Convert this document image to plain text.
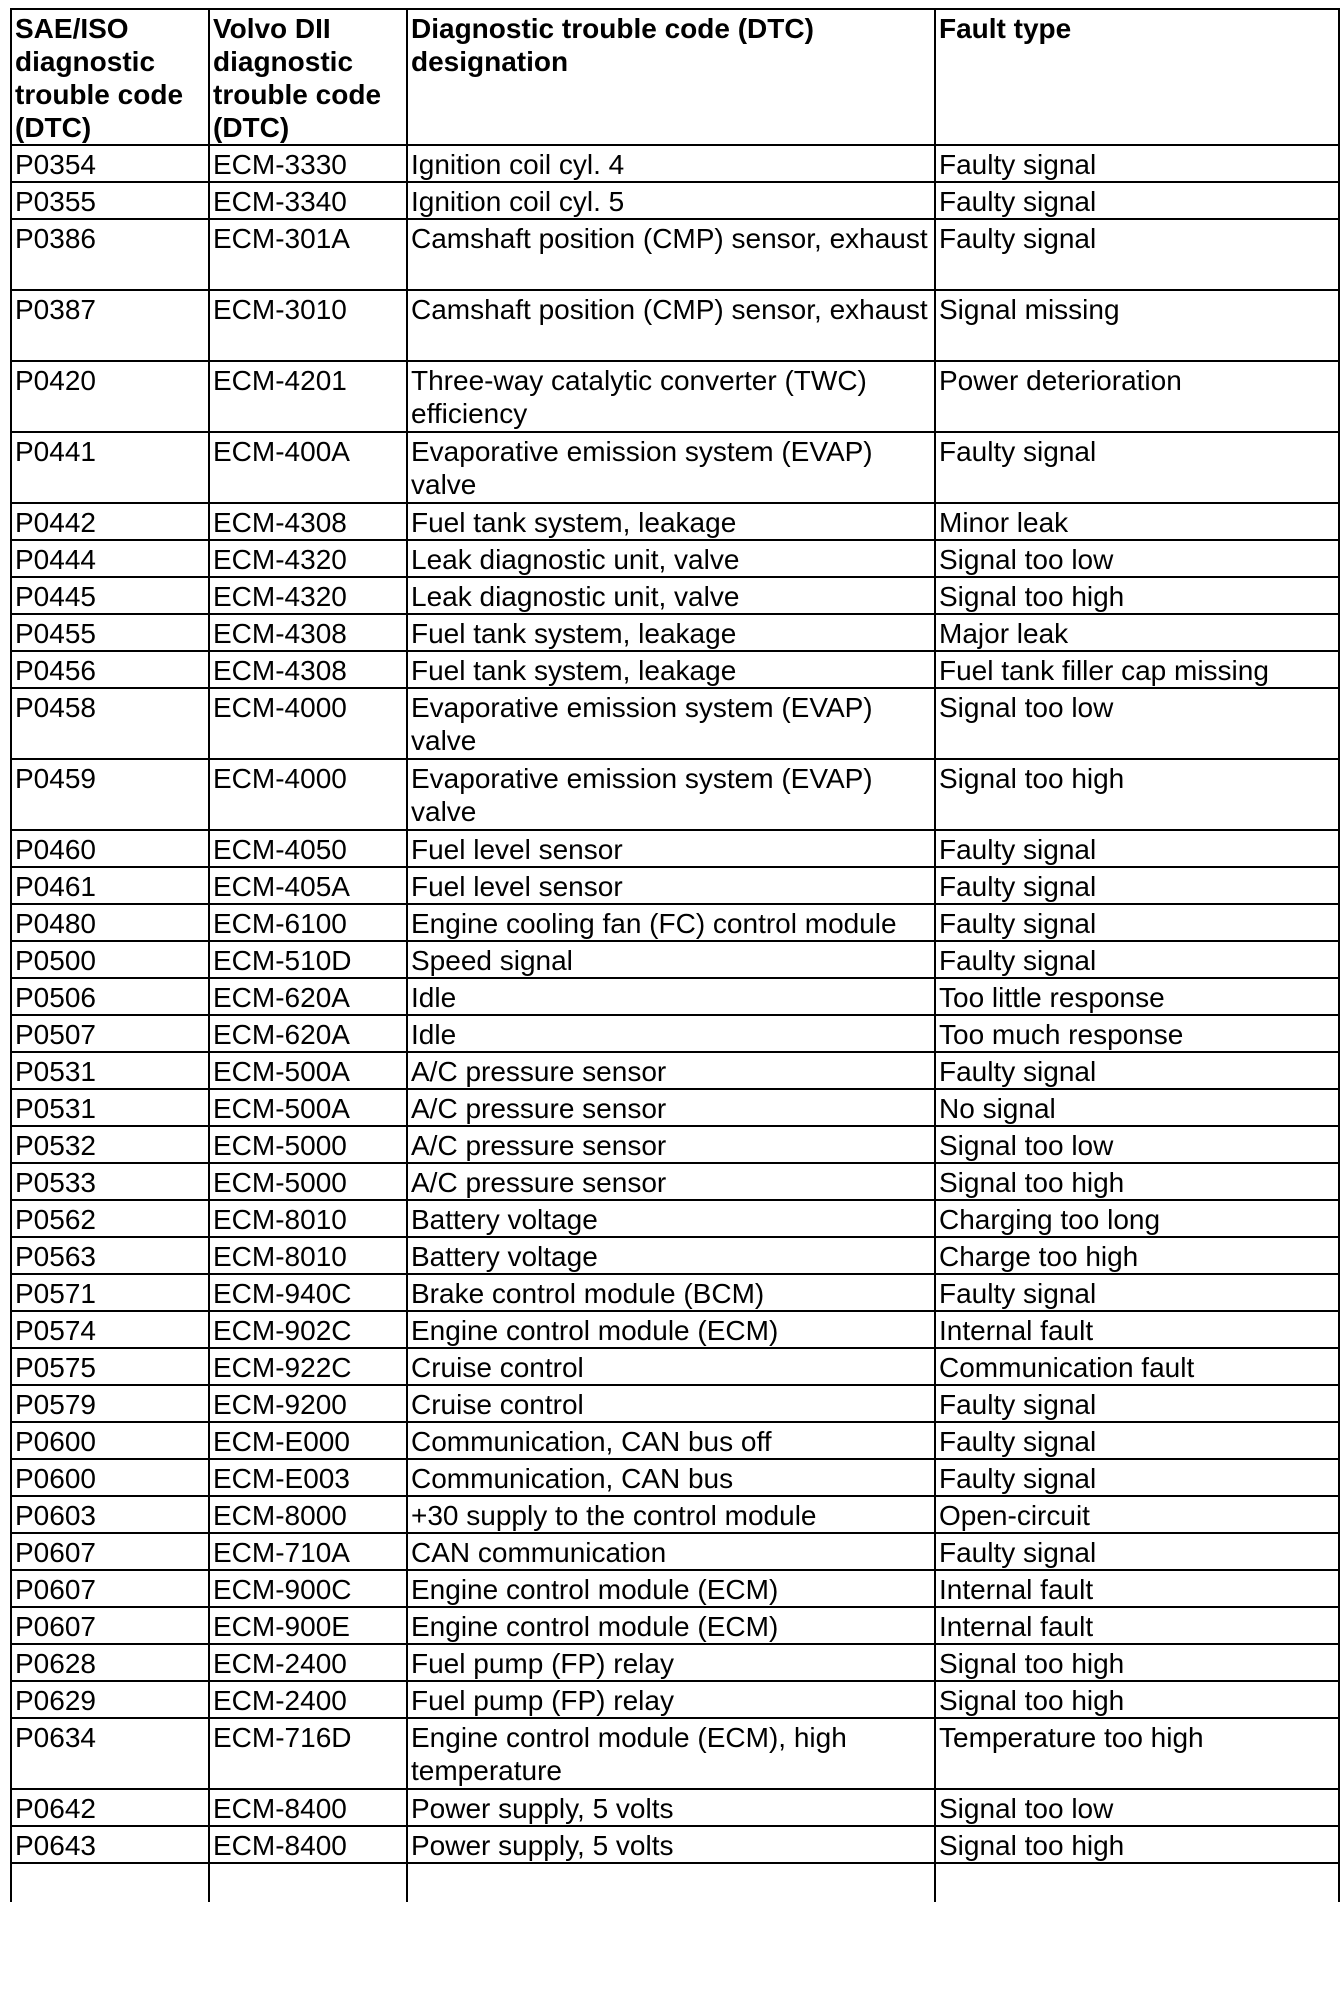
SAE/ISO diagnostic trouble code (DTC)	Volvo DII diagnostic trouble code (DTC)	Diagnostic trouble code (DTC) designation	Fault type
P0354	ECM-3330	Ignition coil cyl. 4	Faulty signal
P0355	ECM-3340	Ignition coil cyl. 5	Faulty signal
P0386	ECM-301A	Camshaft position (CMP) sensor, exhaust	Faulty signal
P0387	ECM-3010	Camshaft position (CMP) sensor, exhaust	Signal missing
P0420	ECM-4201	Three-way catalytic converter (TWC) efficiency	Power deterioration
P0441	ECM-400A	Evaporative emission system (EVAP) valve	Faulty signal
P0442	ECM-4308	Fuel tank system, leakage	Minor leak
P0444	ECM-4320	Leak diagnostic unit, valve	Signal too low
P0445	ECM-4320	Leak diagnostic unit, valve	Signal too high
P0455	ECM-4308	Fuel tank system, leakage	Major leak
P0456	ECM-4308	Fuel tank system, leakage	Fuel tank filler cap missing
P0458	ECM-4000	Evaporative emission system (EVAP) valve	Signal too low
P0459	ECM-4000	Evaporative emission system (EVAP) valve	Signal too high
P0460	ECM-4050	Fuel level sensor	Faulty signal
P0461	ECM-405A	Fuel level sensor	Faulty signal
P0480	ECM-6100	Engine cooling fan (FC) control module	Faulty signal
P0500	ECM-510D	Speed signal	Faulty signal
P0506	ECM-620A	Idle	Too little response
P0507	ECM-620A	Idle	Too much response
P0531	ECM-500A	A/C pressure sensor	Faulty signal
P0531	ECM-500A	A/C pressure sensor	No signal
P0532	ECM-5000	A/C pressure sensor	Signal too low
P0533	ECM-5000	A/C pressure sensor	Signal too high
P0562	ECM-8010	Battery voltage	Charging too long
P0563	ECM-8010	Battery voltage	Charge too high
P0571	ECM-940C	Brake control module (BCM)	Faulty signal
P0574	ECM-902C	Engine control module (ECM)	Internal fault
P0575	ECM-922C	Cruise control	Communication fault
P0579	ECM-9200	Cruise control	Faulty signal
P0600	ECM-E000	Communication, CAN bus off	Faulty signal
P0600	ECM-E003	Communication, CAN bus	Faulty signal
P0603	ECM-8000	+30 supply to the control module	Open-circuit
P0607	ECM-710A	CAN communication	Faulty signal
P0607	ECM-900C	Engine control module (ECM)	Internal fault
P0607	ECM-900E	Engine control module (ECM)	Internal fault
P0628	ECM-2400	Fuel pump (FP) relay	Signal too high
P0629	ECM-2400	Fuel pump (FP) relay	Signal too high
P0634	ECM-716D	Engine control module (ECM), high temperature	Temperature too high
P0642	ECM-8400	Power supply, 5 volts	Signal too low
P0643	ECM-8400	Power supply, 5 volts	Signal too high
